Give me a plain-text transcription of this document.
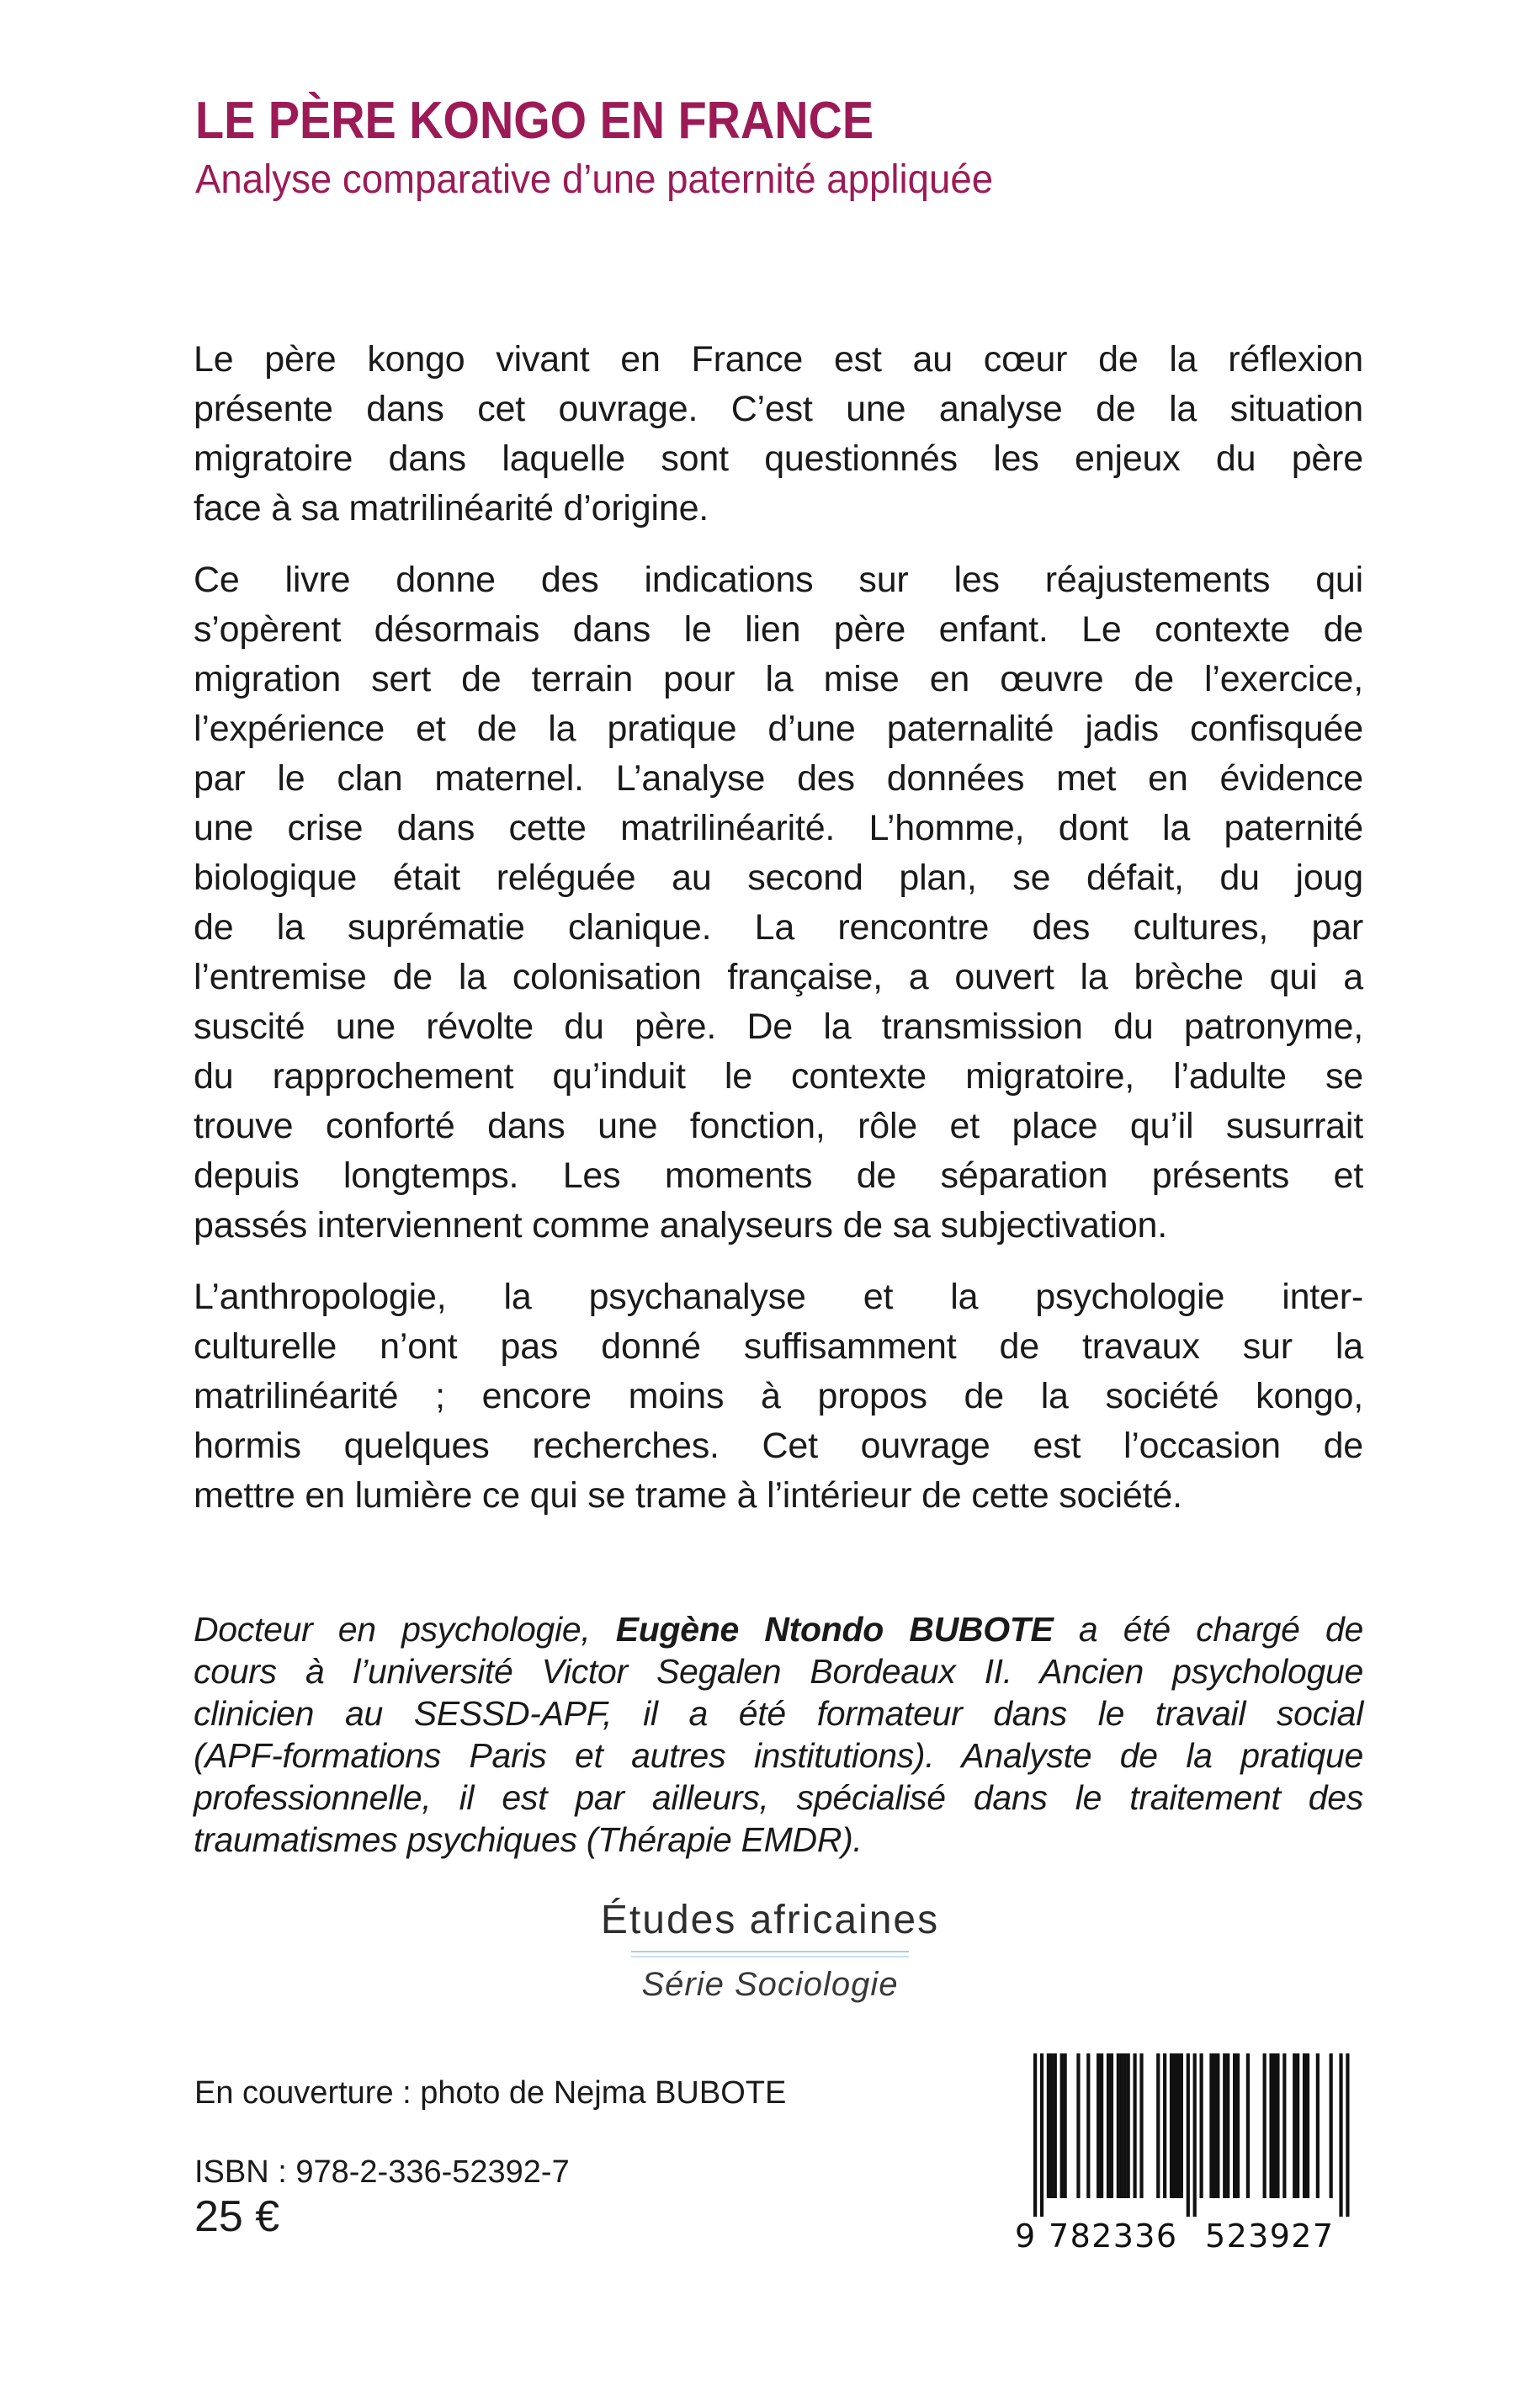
LE PÈRE KONGO EN FRANCE
Analyse comparative d’une paternité appliquée
Le père kongo vivant en France est au cœur de la réflexion
présente dans cet ouvrage. C’est une analyse de la situation
migratoire dans laquelle sont questionnés les enjeux du père
face à sa matrilinéarité d’origine.
Ce livre donne des indications sur les réajustements qui
s’opèrent désormais dans le lien père enfant. Le contexte de
migration sert de terrain pour la mise en œuvre de l’exercice,
l’expérience et de la pratique d’une paternalité jadis confisquée
par le clan maternel. L’analyse des données met en évidence
une crise dans cette matrilinéarité. L’homme, dont la paternité
biologique était reléguée au second plan, se défait, du joug
de la suprématie clanique. La rencontre des cultures, par
l’entremise de la colonisation française, a ouvert la brèche qui a
suscité une révolte du père. De la transmission du patronyme,
du rapprochement qu’induit le contexte migratoire, l’adulte se
trouve conforté dans une fonction, rôle et place qu’il susurrait
depuis longtemps. Les moments de séparation présents et
passés interviennent comme analyseurs de sa subjectivation.
L’anthropologie, la psychanalyse et la psychologie inter-
culturelle n’ont pas donné suffisamment de travaux sur la
matrilinéarité ; encore moins à propos de la société kongo,
hormis quelques recherches. Cet ouvrage est l’occasion de
mettre en lumière ce qui se trame à l’intérieur de cette société.
Docteur en psychologie, Eugène Ntondo BUBOTE a été chargé de
cours à l’université Victor Segalen Bordeaux II. Ancien psychologue
clinicien au SESSD-APF, il a été formateur dans le travail social
(APF-formations Paris et autres institutions). Analyste de la pratique
professionnelle, il est par ailleurs, spécialisé dans le traitement des
traumatismes psychiques (Thérapie EMDR).
Études africaines
Série Sociologie
En couverture : photo de Nejma BUBOTE
ISBN : 978-2-336-52392-7
25 €	9 782336 523927
